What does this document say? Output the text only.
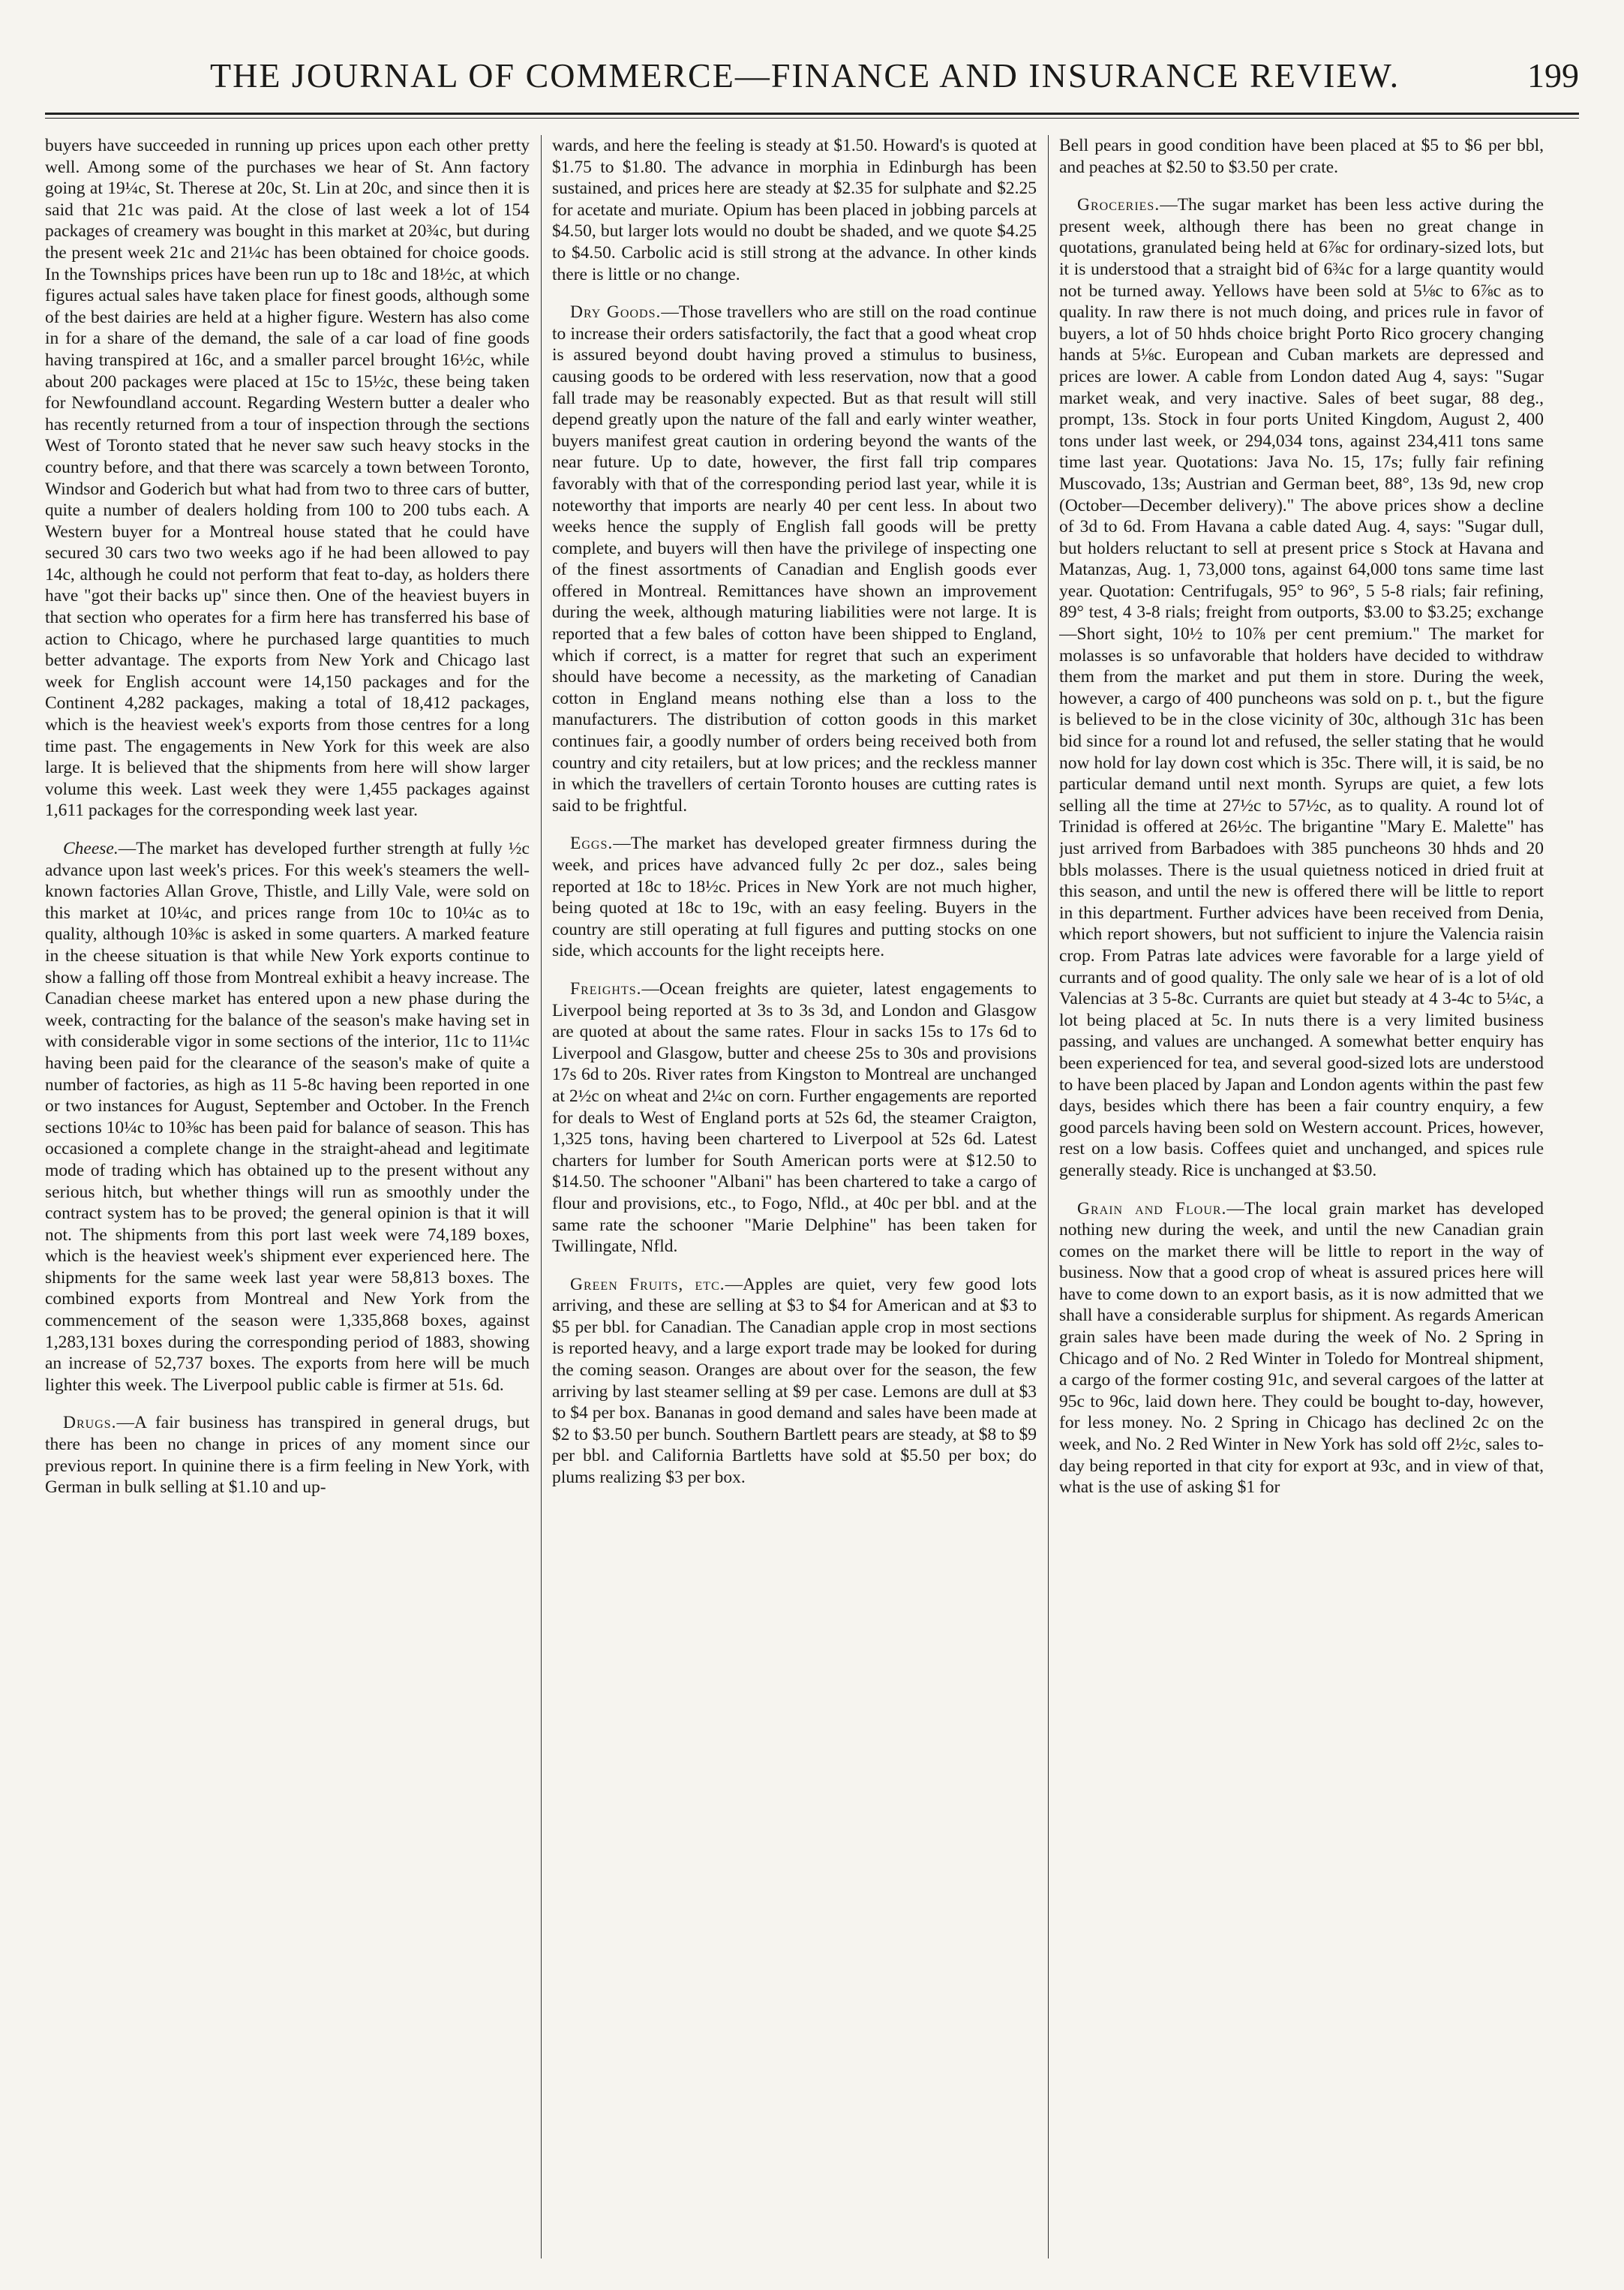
THE JOURNAL OF COMMERCE—FINANCE AND INSURANCE REVIEW.	199

buyers have succeeded in running up prices upon each other pretty well. Among some of the purchases we hear of St. Ann factory going at 19¼c, St. Therese at 20c, St. Lin at 20c, and since then it is said that 21c was paid. At the close of last week a lot of 154 packages of creamery was bought in this market at 20¾c, but during the present week 21c and 21¼c has been obtained for choice goods. In the Townships prices have been run up to 18c and 18½c, at which figures actual sales have taken place for finest goods, although some of the best dairies are held at a higher figure. Western has also come in for a share of the demand, the sale of a car load of fine goods having transpired at 16c, and a smaller parcel brought 16½c, while about 200 packages were placed at 15c to 15½c, these being taken for Newfoundland account. Regarding Western butter a dealer who has recently returned from a tour of inspection through the sections West of Toronto stated that he never saw such heavy stocks in the country before, and that there was scarcely a town between Toronto, Windsor and Goderich but what had from two to three cars of butter, quite a number of dealers holding from 100 to 200 tubs each. A Western buyer for a Montreal house stated that he could have secured 30 cars two two weeks ago if he had been allowed to pay 14c, although he could not perform that feat to-day, as holders there have "got their backs up" since then. One of the heaviest buyers in that section who operates for a firm here has transferred his base of action to Chicago, where he purchased large quantities to much better advantage. The exports from New York and Chicago last week for English account were 14,150 packages and for the Continent 4,282 packages, making a total of 18,412 packages, which is the heaviest week's exports from those centres for a long time past. The engagements in New York for this week are also large. It is believed that the shipments from here will show larger volume this week. Last week they were 1,455 packages against 1,611 packages for the corresponding week last year.

Cheese.—The market has developed further strength at fully ½c advance upon last week's prices. For this week's steamers the well-known factories Allan Grove, Thistle, and Lilly Vale, were sold on this market at 10¼c, and prices range from 10c to 10¼c as to quality, although 10⅜c is asked in some quarters. A marked feature in the cheese situation is that while New York exports continue to show a falling off those from Montreal exhibit a heavy increase. The Canadian cheese market has entered upon a new phase during the week, contracting for the balance of the season's make having set in with considerable vigor in some sections of the interior, 11c to 11¼c having been paid for the clearance of the season's make of quite a number of factories, as high as 11 5-8c having been reported in one or two instances for August, September and October. In the French sections 10¼c to 10⅜c has been paid for balance of season. This has occasioned a complete change in the straight-ahead and legitimate mode of trading which has obtained up to the present without any serious hitch, but whether things will run as smoothly under the contract system has to be proved; the general opinion is that it will not. The shipments from this port last week were 74,189 boxes, which is the heaviest week's shipment ever experienced here. The shipments for the same week last year were 58,813 boxes. The combined exports from Montreal and New York from the commencement of the season were 1,335,868 boxes, against 1,283,131 boxes during the corresponding period of 1883, showing an increase of 52,737 boxes. The exports from here will be much lighter this week. The Liverpool public cable is firmer at 51s. 6d.

Drugs.—A fair business has transpired in general drugs, but there has been no change in prices of any moment since our previous report. In quinine there is a firm feeling in New York, with German in bulk selling at $1.10 and up-

wards, and here the feeling is steady at $1.50. Howard's is quoted at $1.75 to $1.80. The advance in morphia in Edinburgh has been sustained, and prices here are steady at $2.35 for sulphate and $2.25 for acetate and muriate. Opium has been placed in jobbing parcels at $4.50, but larger lots would no doubt be shaded, and we quote $4.25 to $4.50. Carbolic acid is still strong at the advance. In other kinds there is little or no change.

Dry Goods.—Those travellers who are still on the road continue to increase their orders satisfactorily, the fact that a good wheat crop is assured beyond doubt having proved a stimulus to business, causing goods to be ordered with less reservation, now that a good fall trade may be reasonably expected. But as that result will still depend greatly upon the nature of the fall and early winter weather, buyers manifest great caution in ordering beyond the wants of the near future. Up to date, however, the first fall trip compares favorably with that of the corresponding period last year, while it is noteworthy that imports are nearly 40 per cent less. In about two weeks hence the supply of English fall goods will be pretty complete, and buyers will then have the privilege of inspecting one of the finest assortments of Canadian and English goods ever offered in Montreal. Remittances have shown an improvement during the week, although maturing liabilities were not large. It is reported that a few bales of cotton have been shipped to England, which if correct, is a matter for regret that such an experiment should have become a necessity, as the marketing of Canadian cotton in England means nothing else than a loss to the manufacturers. The distribution of cotton goods in this market continues fair, a goodly number of orders being received both from country and city retailers, but at low prices; and the reckless manner in which the travellers of certain Toronto houses are cutting rates is said to be frightful.

Eggs.—The market has developed greater firmness during the week, and prices have advanced fully 2c per doz., sales being reported at 18c to 18½c. Prices in New York are not much higher, being quoted at 18c to 19c, with an easy feeling. Buyers in the country are still operating at full figures and putting stocks on one side, which accounts for the light receipts here.

Freights.—Ocean freights are quieter, latest engagements to Liverpool being reported at 3s to 3s 3d, and London and Glasgow are quoted at about the same rates. Flour in sacks 15s to 17s 6d to Liverpool and Glasgow, butter and cheese 25s to 30s and provisions 17s 6d to 20s. River rates from Kingston to Montreal are unchanged at 2½c on wheat and 2¼c on corn. Further engagements are reported for deals to West of England ports at 52s 6d, the steamer Craigton, 1,325 tons, having been chartered to Liverpool at 52s 6d. Latest charters for lumber for South American ports were at $12.50 to $14.50. The schooner "Albani" has been chartered to take a cargo of flour and provisions, etc., to Fogo, Nfld., at 40c per bbl. and at the same rate the schooner "Marie Delphine" has been taken for Twillingate, Nfld.

Green Fruits, etc.—Apples are quiet, very few good lots arriving, and these are selling at $3 to $4 for American and at $3 to $5 per bbl. for Canadian. The Canadian apple crop in most sections is reported heavy, and a large export trade may be looked for during the coming season. Oranges are about over for the season, the few arriving by last steamer selling at $9 per case. Lemons are dull at $3 to $4 per box. Bananas in good demand and sales have been made at $2 to $3.50 per bunch. Southern Bartlett pears are steady, at $8 to $9 per bbl. and California Bartletts have sold at $5.50 per box; do plums realizing $3 per box.

Bell pears in good condition have been placed at $5 to $6 per bbl, and peaches at $2.50 to $3.50 per crate.

Groceries.—The sugar market has been less active during the present week, although there has been no great change in quotations, granulated being held at 6⅞c for ordinary-sized lots, but it is understood that a straight bid of 6¾c for a large quantity would not be turned away. Yellows have been sold at 5⅛c to 6⅞c as to quality. In raw there is not much doing, and prices rule in favor of buyers, a lot of 50 hhds choice bright Porto Rico grocery changing hands at 5⅛c. European and Cuban markets are depressed and prices are lower. A cable from London dated Aug 4, says: "Sugar market weak, and very inactive. Sales of beet sugar, 88 deg., prompt, 13s. Stock in four ports United Kingdom, August 2, 400 tons under last week, or 294,034 tons, against 234,411 tons same time last year. Quotations: Java No. 15, 17s; fully fair refining Muscovado, 13s; Austrian and German beet, 88°, 13s 9d, new crop (October—December delivery)." The above prices show a decline of 3d to 6d. From Havana a cable dated Aug. 4, says: "Sugar dull, but holders reluctant to sell at present price s Stock at Havana and Matanzas, Aug. 1, 73,000 tons, against 64,000 tons same time last year. Quotation: Centrifugals, 95° to 96°, 5 5-8 rials; fair refining, 89° test, 4 3-8 rials; freight from outports, $3.00 to $3.25; exchange—Short sight, 10½ to 10⅞ per cent premium." The market for molasses is so unfavorable that holders have decided to withdraw them from the market and put them in store. During the week, however, a cargo of 400 puncheons was sold on p. t., but the figure is believed to be in the close vicinity of 30c, although 31c has been bid since for a round lot and refused, the seller stating that he would now hold for lay down cost which is 35c. There will, it is said, be no particular demand until next month. Syrups are quiet, a few lots selling all the time at 27½c to 57½c, as to quality. A round lot of Trinidad is offered at 26½c. The brigantine "Mary E. Malette" has just arrived from Barbadoes with 385 puncheons 30 hhds and 20 bbls molasses. There is the usual quietness noticed in dried fruit at this season, and until the new is offered there will be little to report in this department. Further advices have been received from Denia, which report showers, but not sufficient to injure the Valencia raisin crop. From Patras late advices were favorable for a large yield of currants and of good quality. The only sale we hear of is a lot of old Valencias at 3 5-8c. Currants are quiet but steady at 4 3-4c to 5¼c, a lot being placed at 5c. In nuts there is a very limited business passing, and values are unchanged. A somewhat better enquiry has been experienced for tea, and several good-sized lots are understood to have been placed by Japan and London agents within the past few days, besides which there has been a fair country enquiry, a few good parcels having been sold on Western account. Prices, however, rest on a low basis. Coffees quiet and unchanged, and spices rule generally steady. Rice is unchanged at $3.50.

Grain and Flour.—The local grain market has developed nothing new during the week, and until the new Canadian grain comes on the market there will be little to report in the way of business. Now that a good crop of wheat is assured prices here will have to come down to an export basis, as it is now admitted that we shall have a considerable surplus for shipment. As regards American grain sales have been made during the week of No. 2 Spring in Chicago and of No. 2 Red Winter in Toledo for Montreal shipment, a cargo of the former costing 91c, and several cargoes of the latter at 95c to 96c, laid down here. They could be bought to-day, however, for less money. No. 2 Spring in Chicago has declined 2c on the week, and No. 2 Red Winter in New York has sold off 2½c, sales to-day being reported in that city for export at 93c, and in view of that, what is the use of asking $1 for
